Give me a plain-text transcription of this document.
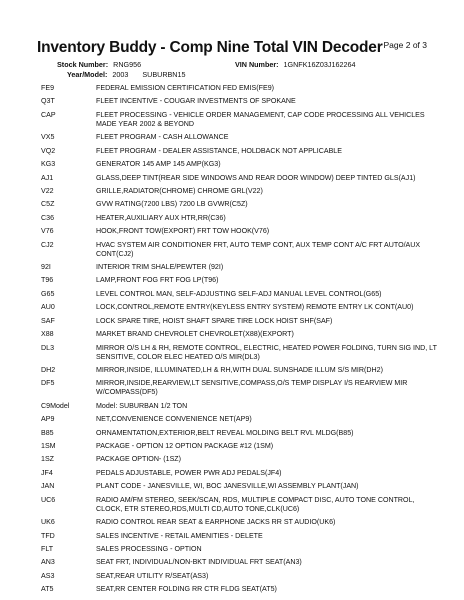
Inventory Buddy - Comp Nine Total VIN Decoder Page 2 of 3
Stock Number: RNG956	VIN Number: 1GNFK16Z03J162264
Year/Model: 2003 SUBURBN15
FE9	FEDERAL EMISSION CERTIFICATION FED EMIS(FE9)
Q3T	FLEET INCENTIVE - COUGAR INVESTMENTS OF SPOKANE
CAP	FLEET PROCESSING - VEHICLE ORDER MANAGEMENT, CAP CODE PROCESSING ALL VEHICLES MADE YEAR 2002 & BEYOND
VX5	FLEET PROGRAM - CASH ALLOWANCE
VQ2	FLEET PROGRAM - DEALER ASSISTANCE, HOLDBACK NOT APPLICABLE
KG3	GENERATOR 145 AMP 145 AMP(KG3)
AJ1	GLASS,DEEP TINT(REAR SIDE WINDOWS AND REAR DOOR WINDOW) DEEP TINTED GLS(AJ1)
V22	GRILLE,RADIATOR(CHROME) CHROME GRL(V22)
C5Z	GVW RATING(7200 LBS) 7200 LB GVWR(C5Z)
C36	HEATER,AUXILIARY AUX HTR,RR(C36)
V76	HOOK,FRONT TOW(EXPORT) FRT TOW HOOK(V76)
CJ2	HVAC SYSTEM AIR CONDITIONER FRT, AUTO TEMP CONT, AUX TEMP CONT A/C FRT AUTO/AUX CONT(CJ2)
92I	INTERIOR TRIM SHALE/PEWTER (92I)
T96	LAMP,FRONT FOG FRT FOG LP(T96)
G65	LEVEL CONTROL MAN, SELF-ADJUSTING SELF-ADJ MANUAL LEVEL CONTROL(G65)
AU0	LOCK,CONTROL,REMOTE ENTRY(KEYLESS ENTRY SYSTEM) REMOTE ENTRY LK CONT(AU0)
SAF	LOCK SPARE TIRE, HOIST SHAFT SPARE TIRE LOCK HOIST SHF(SAF)
X88	MARKET BRAND CHEVROLET CHEVROLET(X88)(EXPORT)
DL3	MIRROR O/S LH & RH, REMOTE CONTROL, ELECTRIC, HEATED POWER FOLDING, TURN SIG IND, LT SENSITIVE, COLOR ELEC HEATED O/S MIR(DL3)
DH2	MIRROR,INSIDE, ILLUMINATED,LH & RH,WITH DUAL SUNSHADE ILLUM S/S MIR(DH2)
DF5	MIRROR,INSIDE,REARVIEW,LT SENSITIVE,COMPASS,O/S TEMP DISPLAY I/S REARVIEW MIR W/COMPASS(DF5)
C9Model	Model: SUBURBAN 1/2 TON
AP9	NET,CONVENIENCE CONVENIENCE NET(AP9)
B85	ORNAMENTATION,EXTERIOR,BELT REVEAL MOLDING BELT RVL MLDG(B85)
1SM	PACKAGE - OPTION 12 OPTION PACKAGE #12 (1SM)
1SZ	PACKAGE OPTION- (1SZ)
JF4	PEDALS ADJUSTABLE, POWER PWR ADJ PEDALS(JF4)
JAN	PLANT CODE - JANESVILLE, WI, BOC JANESVILLE,WI ASSEMBLY PLANT(JAN)
UC6	RADIO AM/FM STEREO, SEEK/SCAN, RDS, MULTIPLE COMPACT DISC, AUTO TONE CONTROL, CLOCK, ETR STEREO,RDS,MULTI CD,AUTO TONE,CLK(UC6)
UK6	RADIO CONTROL REAR SEAT & EARPHONE JACKS RR ST AUDIO(UK6)
TFD	SALES INCENTIVE - RETAIL AMENITIES - DELETE
FLT	SALES PROCESSING - OPTION
AN3	SEAT FRT, INDIVIDUAL/NON-BKT INDIVIDUAL FRT SEAT(AN3)
AS3	SEAT,REAR UTILITY R/SEAT(AS3)
AT5	SEAT,RR CENTER FOLDING RR CTR FLDG SEAT(AT5)
